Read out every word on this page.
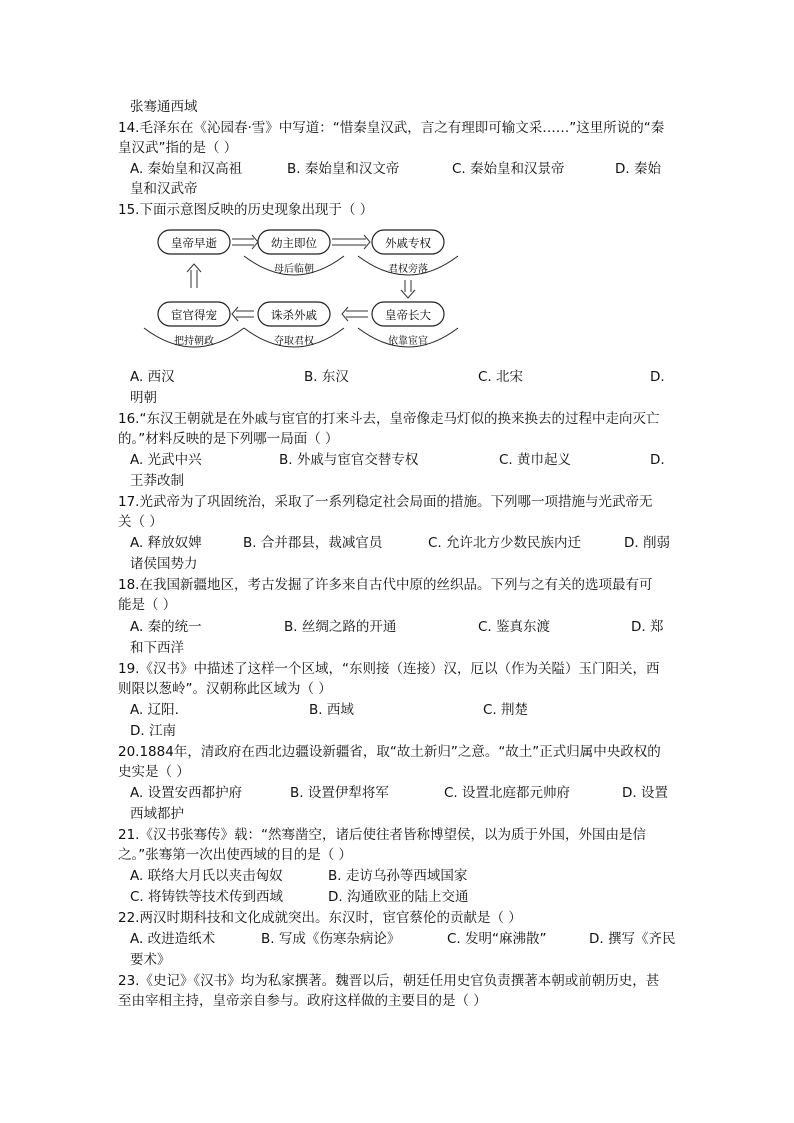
张骞通西域
14.毛泽东在《沁园春·雪》中写道：“惜秦皇汉武，言之有理即可输文采……”这里所说的“秦
皇汉武”指的是（ ）
A. 秦始皇和汉高祖	B. 秦始皇和汉文帝	C. 秦始皇和汉景帝	D. 秦始
皇和汉武帝
15.下面示意图反映的历史现象出现于（ ）
皇帝早逝	幼主即位
母后临朝
外戚专权
君权旁落
宦官得宠
把持朝政
诛杀外戚
夺取君权
皇帝长大
依靠宦官
A. 西汉	B. 东汉	C. 北宋	D.
明朝
16.“东汉王朝就是在外戚与宦官的打来斗去，皇帝像走马灯似的换来换去的过程中走向灭亡
的。”材料反映的是下列哪一局面（ ）
A. 光武中兴	B. 外戚与宦官交替专权	C. 黄巾起义	D.
王莽改制
17.光武帝为了巩固统治，采取了一系列稳定社会局面的措施。下列哪一项措施与光武帝无
关（ ）
A. 释放奴婢	B. 合并郡县，裁减官员	C. 允许北方少数民族内迁	D. 削弱
诸侯国势力
18.在我国新疆地区，考古发掘了许多来自古代中原的丝织品。下列与之有关的选项最有可
能是（ ）
A. 秦的统一	B. 丝绸之路的开通	C. 鉴真东渡	D. 郑
和下西洋
19.《汉书》中描述了这样一个区域，“东则接（连接）汉，厄以（作为关隘）玉门阳关，西
则限以葱岭”。汉朝称此区域为（ ）
A. 辽阳.	B. 西域	C. 荆楚
D. 江南
20.1884年，清政府在西北边疆设新疆省，取“故土新归”之意。“故土”正式归属中央政权的
史实是（ ）
A. 设置安西都护府	B. 设置伊犁将军	C. 设置北庭都元帅府	D. 设置
西域都护
21.《汉书张骞传》载：“然骞凿空，诸后使往者皆称博望侯，以为质于外国，外国由是信
之。”张骞第一次出使西域的目的是（ ）
A. 联络大月氏以夹击匈奴	B. 走访乌孙等西域国家
C. 将铸铁等技术传到西域	D. 沟通欧亚的陆上交通
22.两汉时期科技和文化成就突出。东汉时，宦官蔡伦的贡献是（ ）
A. 改进造纸术	B. 写成《伤寒杂病论》	C. 发明“麻沸散”	D. 撰写《齐民
要术》
23.《史记》《汉书》均为私家撰著。魏晋以后，朝廷任用史官负责撰著本朝或前朝历史，甚
至由宰相主持，皇帝亲自参与。政府这样做的主要目的是（ ）
